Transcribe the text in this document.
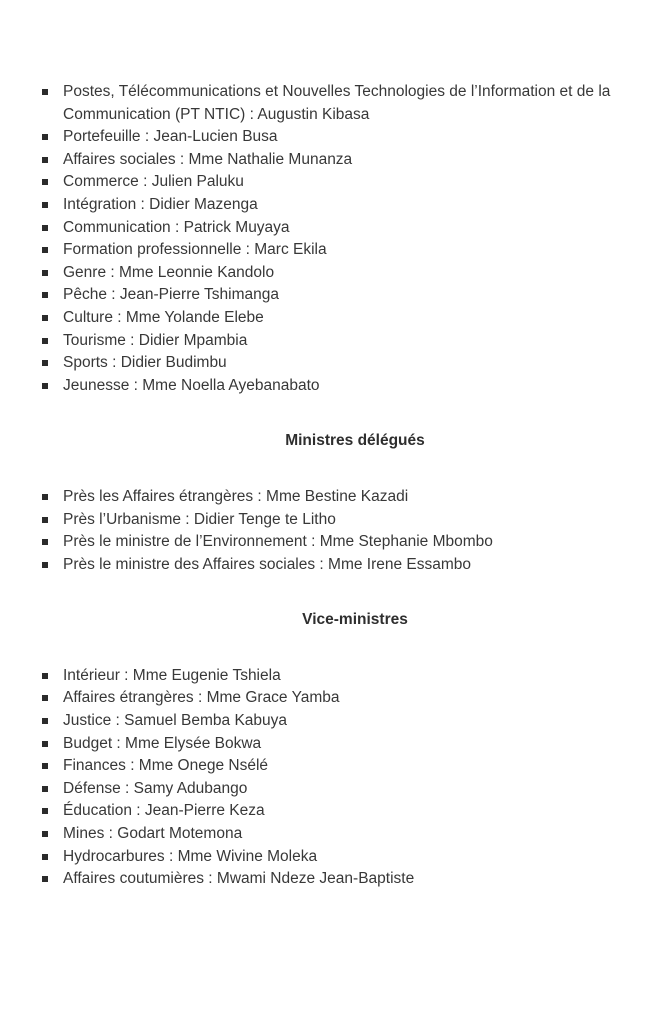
Postes, Télécommunications et Nouvelles Technologies de l’Information et de la Communication (PT NTIC) : Augustin Kibasa
Portefeuille : Jean-Lucien Busa
Affaires sociales : Mme Nathalie Munanza
Commerce : Julien Paluku
Intégration : Didier Mazenga
Communication : Patrick Muyaya
Formation professionnelle : Marc Ekila
Genre : Mme Leonnie Kandolo
Pêche : Jean-Pierre Tshimanga
Culture : Mme Yolande Elebe
Tourisme : Didier Mpambia
Sports : Didier Budimbu
Jeunesse : Mme Noella Ayebanabato
Ministres délégués
Près les Affaires étrangères : Mme Bestine Kazadi
Près l’Urbanisme : Didier Tenge te Litho
Près le ministre de l’Environnement : Mme Stephanie Mbombo
Près le ministre des Affaires sociales : Mme Irene Essambo
Vice-ministres
Intérieur : Mme Eugenie Tshiela
Affaires étrangères : Mme Grace Yamba
Justice : Samuel Bemba Kabuya
Budget : Mme Elysée Bokwa
Finances : Mme Onege Nsélé
Défense : Samy Adubango
Éducation : Jean-Pierre Keza
Mines : Godart Motemona
Hydrocarbures : Mme Wivine Moleka
Affaires coutumières : Mwami Ndeze Jean-Baptiste
